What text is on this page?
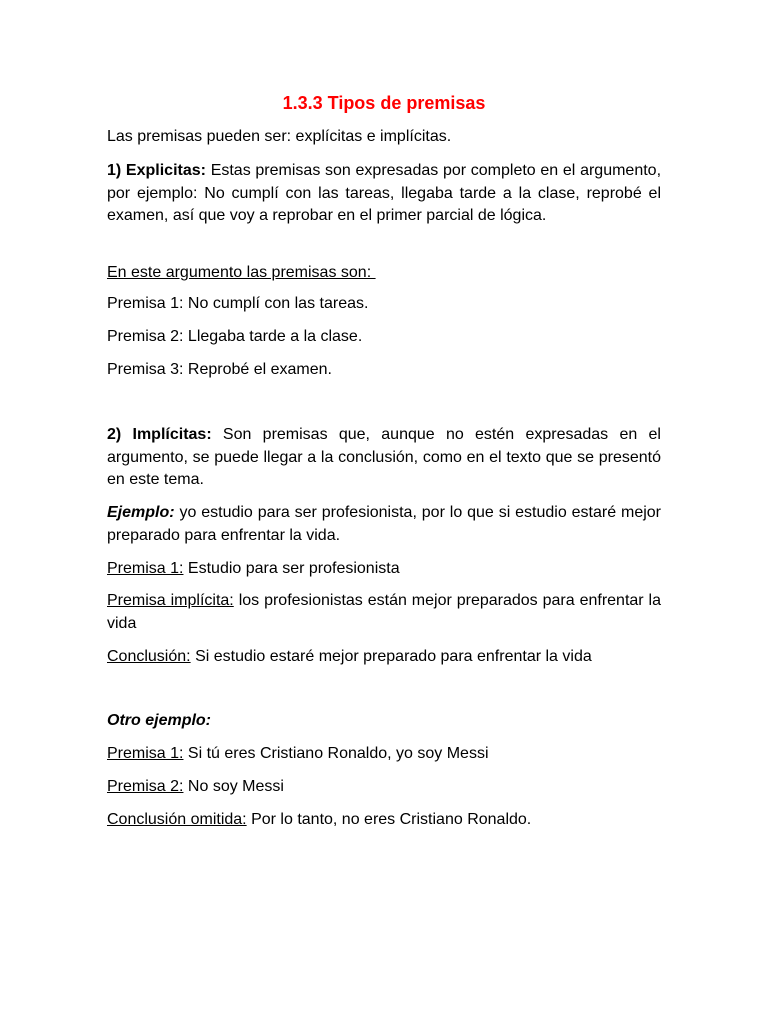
1.3.3 Tipos de premisas

Las premisas pueden ser: explícitas e implícitas.

1) Explicitas: Estas premisas son expresadas por completo en el argumento, por ejemplo: No cumplí con las tareas, llegaba tarde a la clase, reprobé el examen, así que voy a reprobar en el primer parcial de lógica.

En este argumento las premisas son:

Premisa 1: No cumplí con las tareas.

Premisa 2: Llegaba tarde a la clase.

Premisa 3: Reprobé el examen.

2) Implícitas: Son premisas que, aunque no estén expresadas en el argumento, se puede llegar a la conclusión, como en el texto que se presentó en este tema.

Ejemplo: yo estudio para ser profesionista, por lo que si estudio estaré mejor preparado para enfrentar la vida.

Premisa 1: Estudio para ser profesionista

Premisa implícita: los profesionistas están mejor preparados para enfrentar la vida

Conclusión: Si estudio estaré mejor preparado para enfrentar la vida

Otro ejemplo:

Premisa 1: Si tú eres Cristiano Ronaldo, yo soy Messi

Premisa 2: No soy Messi

Conclusión omitida: Por lo tanto, no eres Cristiano Ronaldo.
